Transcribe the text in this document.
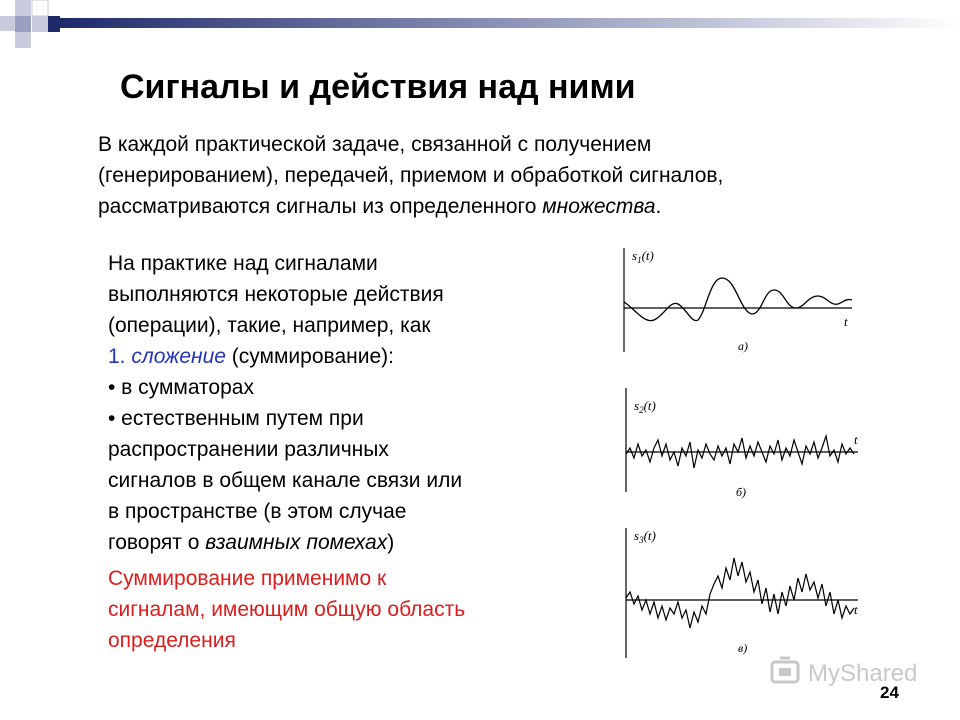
Сигналы и действия над ними
В каждой практической задаче, связанной с получением
(генерированием), передачей, приемом и обработкой сигналов,
рассматриваются сигналы из определенного множества.
На практике над сигналами
выполняются некоторые действия
(операции), такие, например, как
1. сложение (суммирование):
• в сумматорах
• естественным путем при
распространении различных
сигналов в общем канале связи или
в пространстве (в этом случае
говорят о взаимных помехах)
Суммирование применимо к
сигналам, имеющим общую область
определения
$s_1(t)$
t
а)
$s_2(t)$
t
б)
$s_3(t)$
t
в)
MyShared
24
